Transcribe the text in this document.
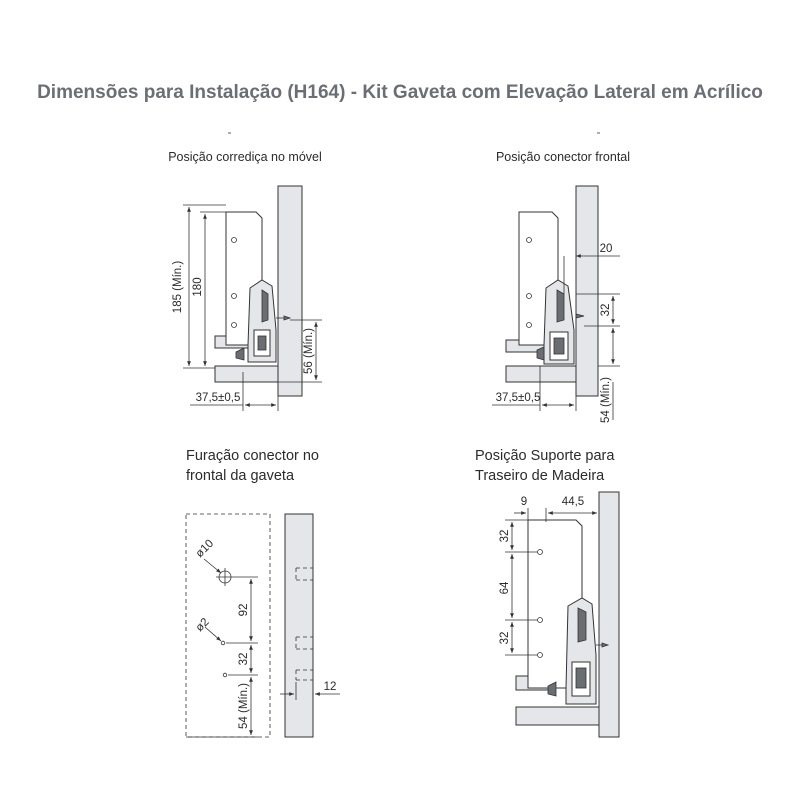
Dimensões para Instalação (H164) - Kit Gaveta com Elevação Lateral em Acrílico
Posição corrediça no móvel
185 (Mín.) 180
56 (Mín.)
37,5±0,5
Posição conector frontal
20
32
54 (Mín.)
37,5±0,5
Furação conector no
frontal da gaveta
ø10
ø2
92
32
54 (Mín.)	12
Posição Suporte para
Traseiro de Madeira
9	44,5
32
64
32
